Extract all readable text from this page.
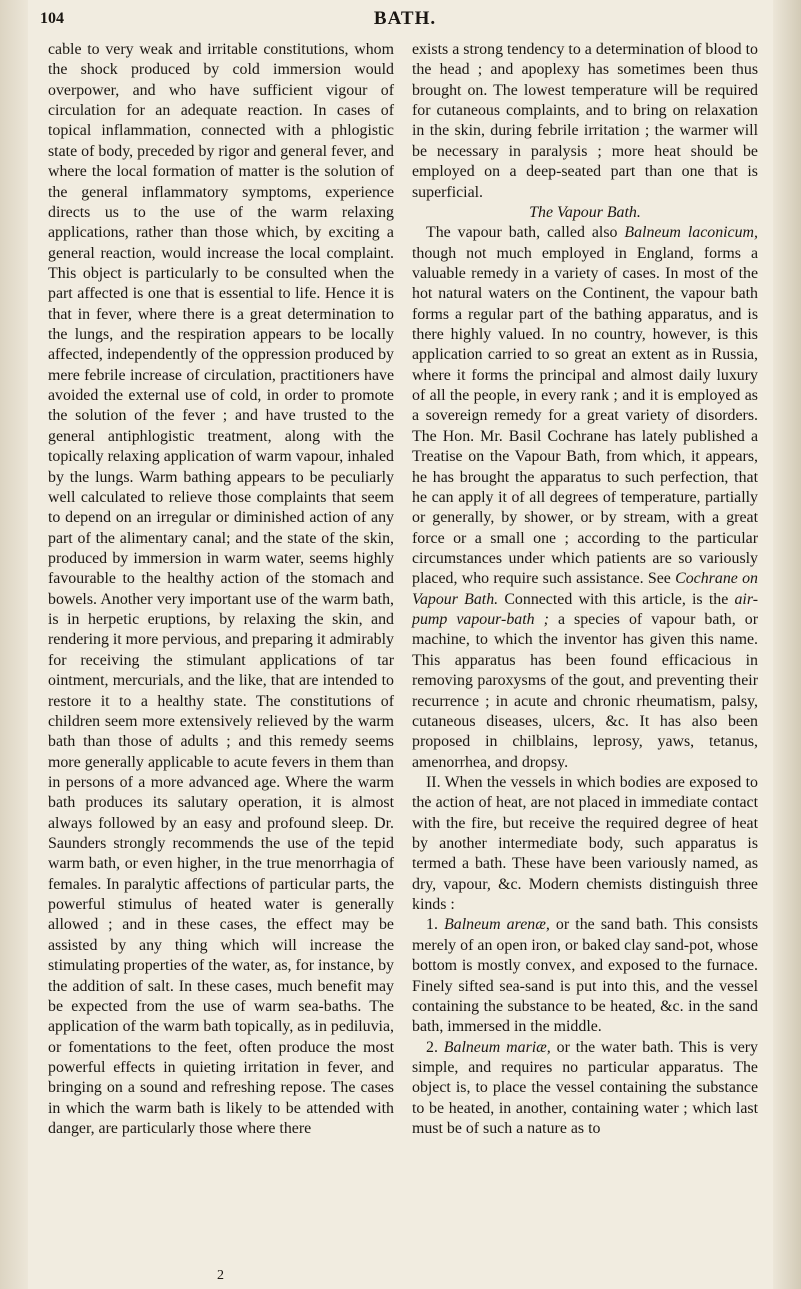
104	BATH.

cable to very weak and irritable constitutions, whom the shock produced by cold immersion would overpower, and who have sufficient vigour of circulation for an adequate reaction. In cases of topical inflammation, connected with a phlogistic state of body, preceded by rigor and general fever, and where the local formation of matter is the solution of the general inflammatory symptoms, experience directs us to the use of the warm relaxing applications, rather than those which, by exciting a general reaction, would increase the local complaint. This object is particularly to be consulted when the part affected is one that is essential to life. Hence it is that in fever, where there is a great determination to the lungs, and the respiration appears to be locally affected, independently of the oppression produced by mere febrile increase of circulation, practitioners have avoided the external use of cold, in order to promote the solution of the fever ; and have trusted to the general antiphlogistic treatment, along with the topically relaxing application of warm vapour, inhaled by the lungs. Warm bathing appears to be peculiarly well calculated to relieve those complaints that seem to depend on an irregular or diminished action of any part of the alimentary canal; and the state of the skin, produced by immersion in warm water, seems highly favourable to the healthy action of the stomach and bowels. Another very important use of the warm bath, is in herpetic eruptions, by relaxing the skin, and rendering it more pervious, and preparing it admirably for receiving the stimulant applications of tar ointment, mercurials, and the like, that are intended to restore it to a healthy state. The constitutions of children seem more extensively relieved by the warm bath than those of adults ; and this remedy seems more generally applicable to acute fevers in them than in persons of a more advanced age. Where the warm bath produces its salutary operation, it is almost always followed by an easy and profound sleep. Dr. Saunders strongly recommends the use of the tepid warm bath, or even higher, in the true menorrhagia of females. In paralytic affections of particular parts, the powerful stimulus of heated water is generally allowed ; and in these cases, the effect may be assisted by any thing which will increase the stimulating properties of the water, as, for instance, by the addition of salt. In these cases, much benefit may be expected from the use of warm sea-baths. The application of the warm bath topically, as in pediluvia, or fomentations to the feet, often produce the most powerful effects in quieting irritation in fever, and bringing on a sound and refreshing repose. The cases in which the warm bath is likely to be attended with danger, are particularly those where there

exists a strong tendency to a determination of blood to the head ; and apoplexy has sometimes been thus brought on. The lowest temperature will be required for cutaneous complaints, and to bring on relaxation in the skin, during febrile irritation ; the warmer will be necessary in paralysis ; more heat should be employed on a deep-seated part than one that is superficial.

The Vapour Bath.

The vapour bath, called also Balneum laconicum, though not much employed in England, forms a valuable remedy in a variety of cases. In most of the hot natural waters on the Continent, the vapour bath forms a regular part of the bathing apparatus, and is there highly valued. In no country, however, is this application carried to so great an extent as in Russia, where it forms the principal and almost daily luxury of all the people, in every rank ; and it is employed as a sovereign remedy for a great variety of disorders. The Hon. Mr. Basil Cochrane has lately published a Treatise on the Vapour Bath, from which, it appears, he has brought the apparatus to such perfection, that he can apply it of all degrees of temperature, partially or generally, by shower, or by stream, with a great force or a small one ; according to the particular circumstances under which patients are so variously placed, who require such assistance. See Cochrane on Vapour Bath. Connected with this article, is the air-pump vapour-bath ; a species of vapour bath, or machine, to which the inventor has given this name. This apparatus has been found efficacious in removing paroxysms of the gout, and preventing their recurrence ; in acute and chronic rheumatism, palsy, cutaneous diseases, ulcers, &c. It has also been proposed in chilblains, leprosy, yaws, tetanus, amenorrhea, and dropsy.

II. When the vessels in which bodies are exposed to the action of heat, are not placed in immediate contact with the fire, but receive the required degree of heat by another intermediate body, such apparatus is termed a bath. These have been variously named, as dry, vapour, &c. Modern chemists distinguish three kinds :

1. Balneum arenæ, or the sand bath. This consists merely of an open iron, or baked clay sand-pot, whose bottom is mostly convex, and exposed to the furnace. Finely sifted sea-sand is put into this, and the vessel containing the substance to be heated, &c. in the sand bath, immersed in the middle.

2. Balneum mariæ, or the water bath. This is very simple, and requires no particular apparatus. The object is, to place the vessel containing the substance to be heated, in another, containing water ; which last must be of such a nature as to

2
